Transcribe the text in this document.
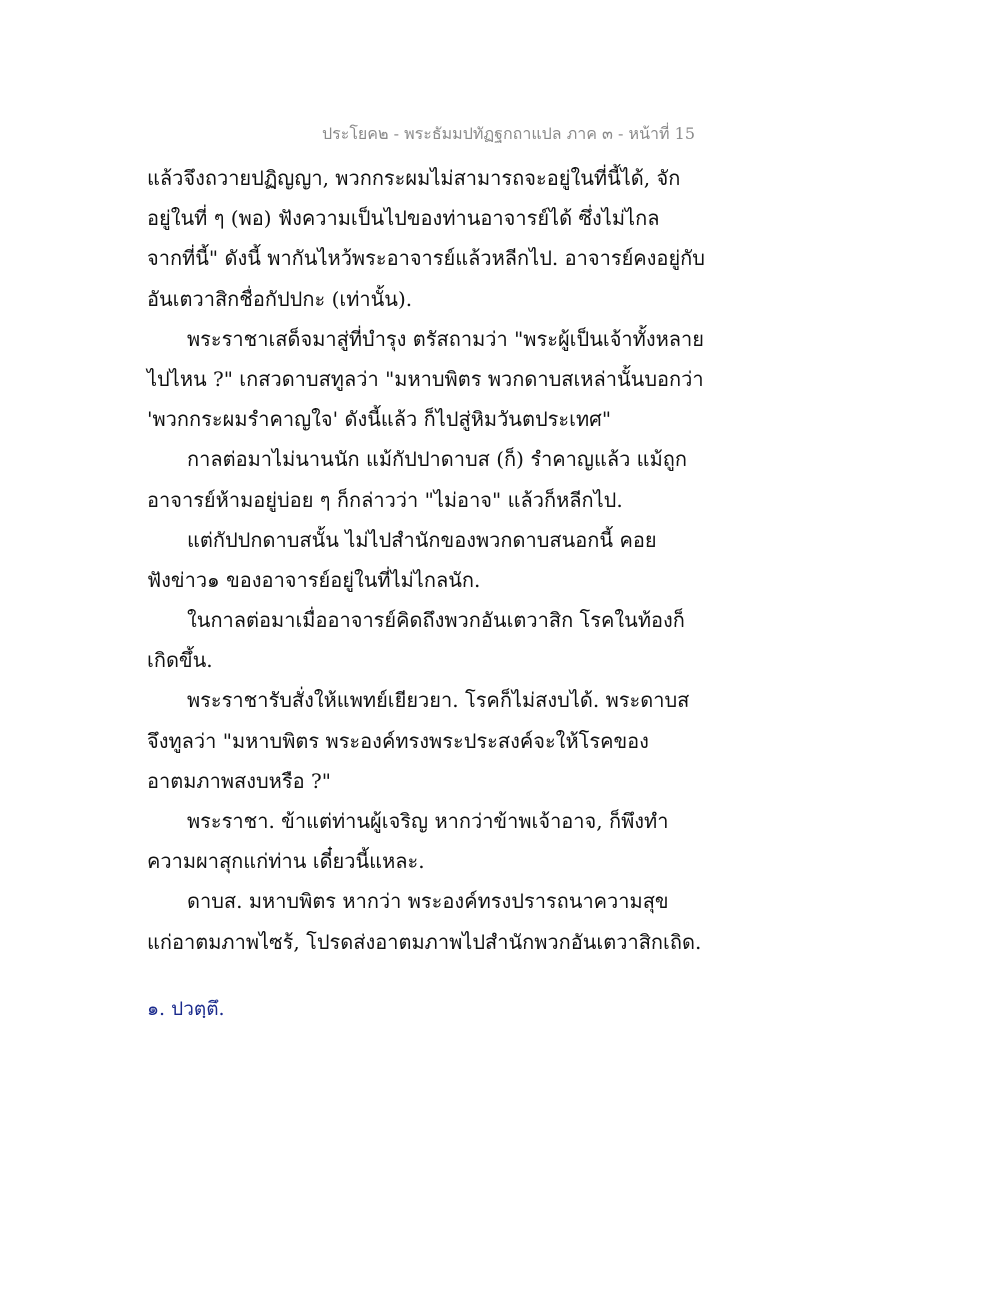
ประโยค๒ - พระธัมมปทัฏฐกถาแปล ภาค ๓ - หน้าที่ 15
แล้วจึงถวายปฏิญญา, พวกกระผมไม่สามารถจะอยู่ในที่นี้ได้, จัก
อยู่ในที่ ๆ (พอ) ฟังความเป็นไปของท่านอาจารย์ได้ ซึ่งไม่ไกล
จากที่นี้" ดังนี้ พากันไหว้พระอาจารย์แล้วหลีกไป. อาจารย์คงอยู่กับ
อันเตวาสิกชื่อกัปปกะ (เท่านั้น).
พระราชาเสด็จมาสู่ที่บำรุง ตรัสถามว่า "พระผู้เป็นเจ้าทั้งหลาย
ไปไหน ?" เกสวดาบสทูลว่า "มหาบพิตร พวกดาบสเหล่านั้นบอกว่า
'พวกกระผมรำคาญใจ' ดังนี้แล้ว ก็ไปสู่หิมวันตประเทศ"
กาลต่อมาไม่นานนัก แม้กัปปาดาบส (ก็) รำคาญแล้ว แม้ถูก
อาจารย์ห้ามอยู่บ่อย ๆ ก็กล่าวว่า "ไม่อาจ" แล้วก็หลีกไป.
แต่กัปปกดาบสนั้น ไม่ไปสำนักของพวกดาบสนอกนี้ คอย
ฟังข่าว๑ ของอาจารย์อยู่ในที่ไม่ไกลนัก.
ในกาลต่อมาเมื่ออาจารย์คิดถึงพวกอันเตวาสิก โรคในท้องก็
เกิดขึ้น.
พระราชารับสั่งให้แพทย์เยียวยา. โรคก็ไม่สงบได้. พระดาบส
จึงทูลว่า "มหาบพิตร พระองค์ทรงพระประสงค์จะให้โรคของ
อาตมภาพสงบหรือ ?"
พระราชา. ข้าแต่ท่านผู้เจริญ หากว่าข้าพเจ้าอาจ, ก็พึงทำ
ความผาสุกแก่ท่าน เดี๋ยวนี้แหละ.
ดาบส. มหาบพิตร หากว่า พระองค์ทรงปรารถนาความสุข
แก่อาตมภาพไซร้, โปรดส่งอาตมภาพไปสำนักพวกอันเตวาสิกเถิด.
๑. ปวตฺตึ.
